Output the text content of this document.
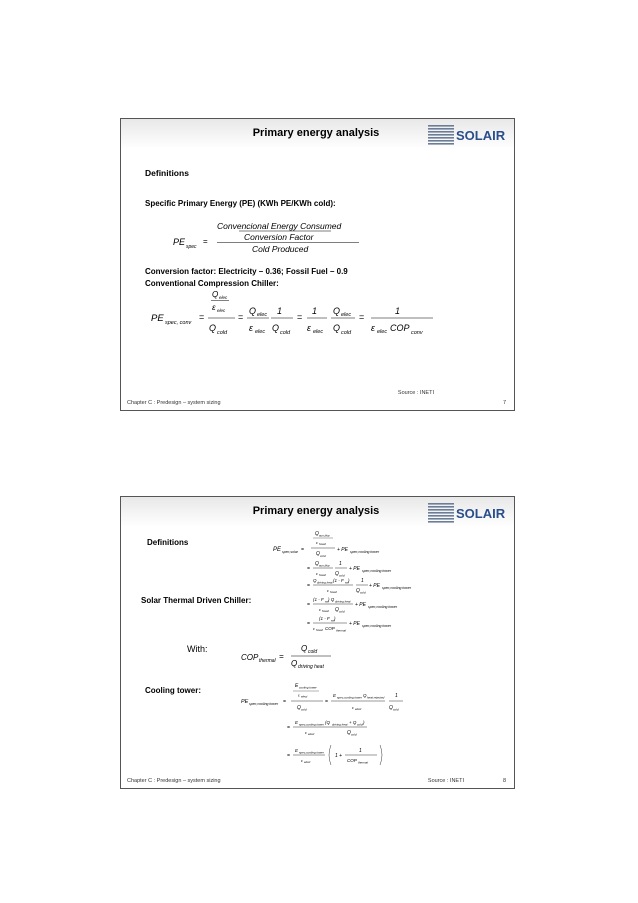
Primary energy analysis	SOLAIR
Definitions
Specific Primary Energy (PE) (KWh PE/KWh cold):
PE spec
=
Convencional Energy Consumed
Conversion Factor
Cold Produced
Conversion factor: Electricity – 0.36; Fossil Fuel – 0.9
Conventional Compression Chiller:
PE spec, conv
=
Q elec
ε elec
Q cold
=
Q elec
ε elec
1
Q cold
=
1
ε elec
Q elec
Q cold
=
1
ε elec COP conv
Source : INETI
Chapter C : Predesign – system sizing	7
Primary energy analysis	SOLAIR
Definitions
Solar Thermal Driven Chiller:
With:
Cooling tower:
PE spec,solar =
Q aux,bkp
ε fossil
Q cold
+ PE spec,cooling tower
=
Q aux,bkp
ε fossil
1
Q cold
+ PE spec,cooling tower
=
Q driving heat (1 - F sol )
ε fossil
1
Q cold
+ PE spec,cooling tower
=
(1 - F sol ) Q driving heat
ε fossil Q cold
+ PE spec,cooling tower
=
(1 - F sol )
ε fossil COP thermal
+ PE spec,cooling tower
COP thermal =
Q cold
Q driving heat
PE spec,cooling tower =
E cooling tower
ε elect
Q cold
=
E spec,cooling tower Q heat rejected
ε elect
1
Q cold
=
E spec,cooling tower (Q driving heat + Q cold )
ε elect	Q cold
=
E spec,cooling tower
ε elect
1 +
1
COP thermal
Source : INETI
Chapter C : Predesign – system sizing	8
